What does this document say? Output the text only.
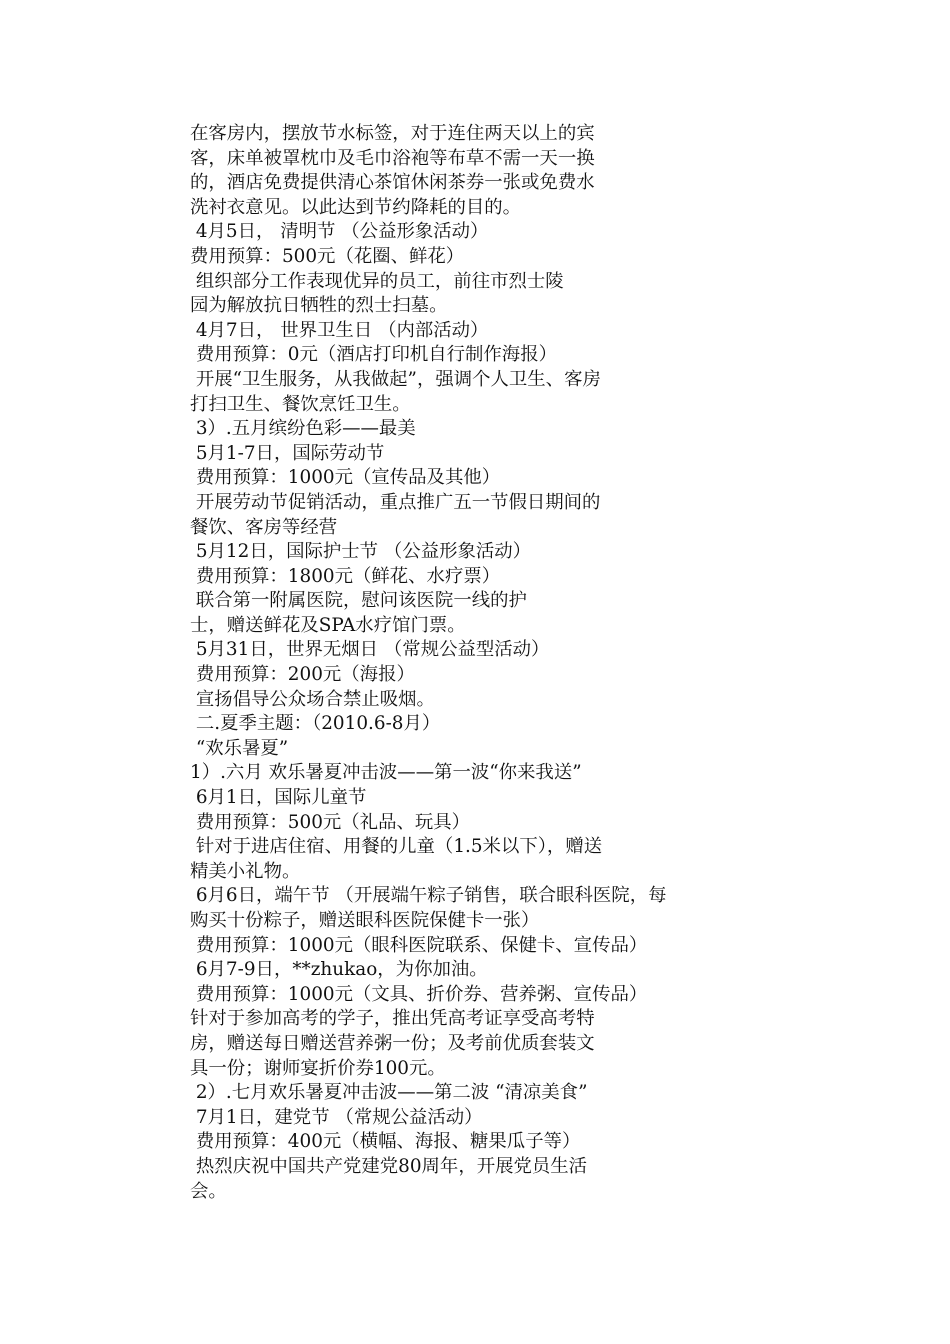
在客房内，摆放节水标签，对于连住两天以上的宾

客，床单被罩枕巾及毛巾浴袍等布草不需一天一换

的，酒店免费提供清心茶馆休闲茶券一张或免费水

洗衬衣意见。以此达到节约降耗的目的。

4月5日， 清明节 （公益形象活动）

费用预算：500元（花圈、鲜花）

组织部分工作表现优异的员工，前往市烈士陵

园为解放抗日牺牲的烈士扫墓。

4月7日， 世界卫生日 （内部活动）

费用预算：0元（酒店打印机自行制作海报）

开展“卫生服务，从我做起”，强调个人卫生、客房

打扫卫生、餐饮烹饪卫生。

3）.五月缤纷色彩——最美

5月1-7日，国际劳动节

费用预算：1000元（宣传品及其他）

开展劳动节促销活动，重点推广五一节假日期间的

餐饮、客房等经营

5月12日，国际护士节 （公益形象活动）

费用预算：1800元（鲜花、水疗票）

联合第一附属医院，慰问该医院一线的护

士，赠送鲜花及SPA水疗馆门票。

5月31日，世界无烟日 （常规公益型活动）

费用预算：200元（海报）

宣扬倡导公众场合禁止吸烟。

二.夏季主题：（2010.6-8月）

“欢乐暑夏”

1）.六月 欢乐暑夏冲击波——第一波“你来我送”

6月1日，国际儿童节

费用预算：500元（礼品、玩具）

针对于进店住宿、用餐的儿童（1.5米以下），赠送

精美小礼物。

6月6日，端午节 （开展端午粽子销售，联合眼科医院，每

购买十份粽子，赠送眼科医院保健卡一张）

费用预算：1000元（眼科医院联系、保健卡、宣传品）

6月7-9日，**zhukao，为你加油。

费用预算：1000元（文具、折价券、营养粥、宣传品）

针对于参加高考的学子，推出凭高考证享受高考特

房，赠送每日赠送营养粥一份；及考前优质套装文

具一份；谢师宴折价券100元。

2）.七月欢乐暑夏冲击波——第二波 “清凉美食”

7月1日，建党节 （常规公益活动）

费用预算：400元（横幅、海报、糖果瓜子等）

热烈庆祝中国共产党建党80周年，开展党员生活

会。
